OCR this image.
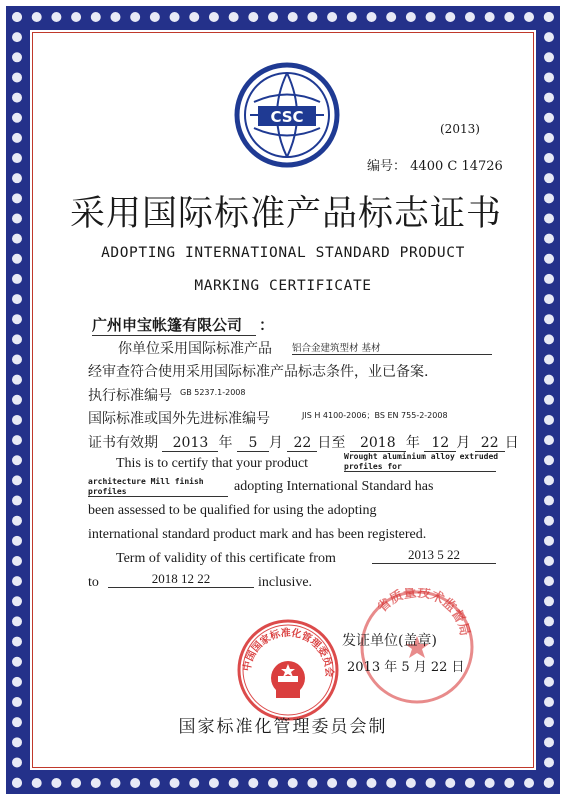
CSC
(2013)
编号： 4400 C 14726
采用国际标准产品标志证书
ADOPTING INTERNATIONAL STANDARD PRODUCT
MARKING CERTIFICATE
广州申宝帐篷有限公司	：
你单位采用国际标准产品 铝合金建筑型材 基材
经审查符合使用采用国际标准产品标志条件，业已备案.
执行标准编号 GB 5237.1-2008
国际标准或国外先进标准编号	JIS H 4100-2006；BS EN 755-2-2008
证书有效期 2013 年 5 月 22 日至 2018 年 12 月 22 日
This is to certify that your product	Wrought aluminium alloy extruded
profiles for
architecture Mill finish
profiles	adopting International Standard has
been assessed to be qualified for using the adopting
international standard product mark and has been registered.
Term of validity of this certificate from	2013 5 22
to	2018 12 22	inclusive.
中国国家标准化管理委员会
省质量技术监督局
发证单位(盖章)
2013 年 5 月 22 日
国家标准化管理委员会制
